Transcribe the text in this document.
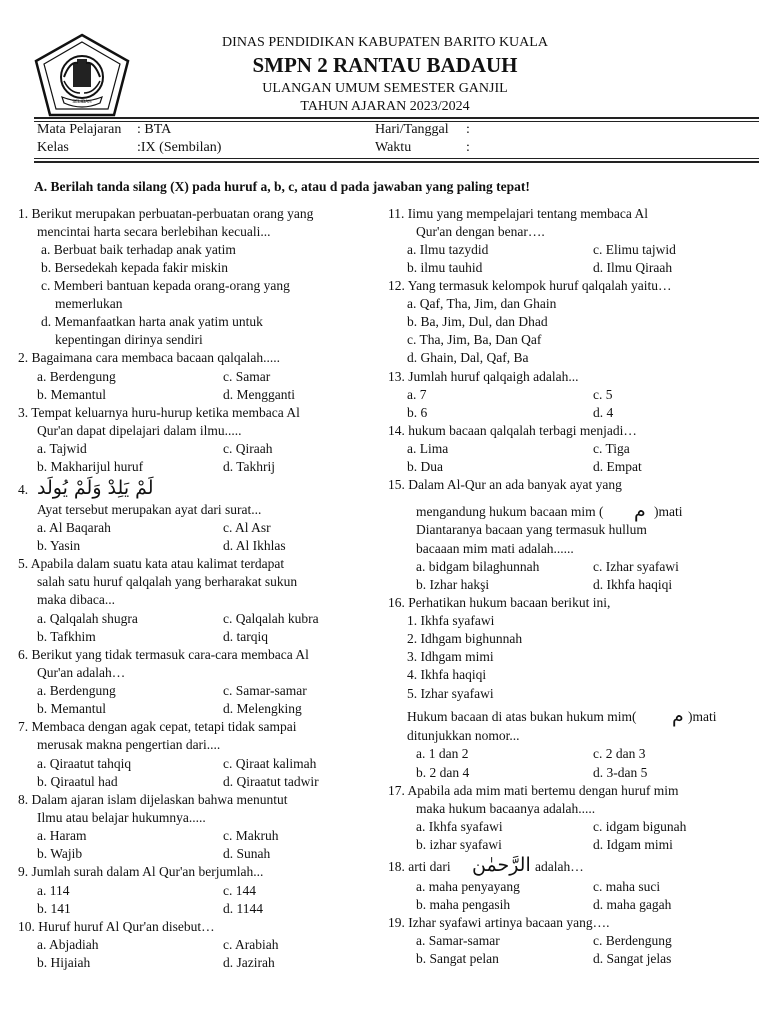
SELIDAH
DINAS PENDIDIKAN KABUPATEN BARITO KUALA
SMPN 2 RANTAU BADAUH
ULANGAN UMUM SEMESTER GANJIL
TAHUN AJARAN 2023/2024
Mata Pelajaran : BTA
Kelas	:IX (Sembilan)
Hari/Tanggal :
Waktu	:
A. Berilah tanda silang (X) pada huruf a, b, c, atau d pada jawaban yang paling tepat!
1. Berikut merupakan perbuatan-perbuatan orang yang
mencintai harta secara berlebihan kecuali...
a. Berbuat baik terhadap anak yatim
b. Bersedekah kepada fakir miskin
c. Memberi bantuan kepada orang-orang yang
memerlukan
d. Memanfaatkan harta anak yatim untuk
kepentingan dirinya sendiri
2. Bagaimana cara membaca bacaan qalqalah.....
a. Berdengung	c. Samar
b. Memantul	d. Mengganti
3. Tempat keluarnya huru-hurup ketika membaca Al
Qur'an dapat dipelajari dalam ilmu.....
a. Tajwid	c. Qiraah
b. Makharijul huruf	d. Takhrij
4. لَمْ يَلِدْ وَلَمْ يُولَد
Ayat tersebut merupakan ayat dari surat...
a. Al Baqarah	c. Al Asr
b. Yasin	d. Al Ikhlas
5. Apabila dalam suatu kata atau kalimat terdapat
salah satu huruf qalqalah yang berharakat sukun
maka dibaca...
a. Qalqalah shugra	c. Qalqalah kubra
b. Tafkhim	d. tarqiq
6. Berikut yang tidak termasuk cara-cara membaca Al
Qur'an adalah…
a. Berdengung	c. Samar-samar
b. Memantul	d. Melengking
7. Membaca dengan agak cepat, tetapi tidak sampai
merusak makna pengertian dari....
a. Qiraatut tahqiq	c. Qiraat kalimah
b. Qiraatul had	d. Qiraatut tadwir
8. Dalam ajaran islam dijelaskan bahwa menuntut
Ilmu atau belajar hukumnya.....
a. Haram	c. Makruh
b. Wajib	d. Sunah
9. Jumlah surah dalam Al Qur'an berjumlah...
a. 114	c. 144
b. 141	d. 1144
10. Huruf huruf Al Qur'an disebut…
a. Abjadiah	c. Arabiah
b. Hijaiah	d. Jazirah
11. Iimu yang mempelajari tentang membaca Al
Qur'an dengan benar….
a. Ilmu tazydid	c. Elimu tajwid
b. ilmu tauhid	d. Ilmu Qiraah
12. Yang termasuk kelompok huruf qalqalah yaitu…
a. Qaf, Tha, Jim, dan Ghain
b. Ba, Jim, Dul, dan Dhad
c. Tha, Jim, Ba, Dan Qaf
d. Ghain, Dal, Qaf, Ba
13. Jumlah huruf qalqaigh adalah...
a. 7	c. 5
b. 6	d. 4
14. hukum bacaan qalqalah terbagi menjadi…
a. Lima	c. Tiga
b. Dua	d. Empat
15. Dalam Al-Qur an ada banyak ayat yang
mengandung hukum bacaan mim ( م )mati
Diantaranya bacaan yang termasuk hullum
bacaaan mim mati adalah......
a. bidgam bilaghunnah	c. Izhar syafawi
b. Izhar hakşi	d. Ikhfa haqiqi
16. Perhatikan hukum bacaan berikut ini,
1. Ikhfa syafawi
2. Idhgam bighunnah
3. Idhgam mimi
4. Ikhfa haqiqi
5. Izhar syafawi
Hukum bacaan di atas bukan hukum mim( م )mati
ditunjukkan nomor...
a. 1 dan 2	c. 2 dan 3
b. 2 dan 4	d. 3-dan 5
17. Apabila ada mim mati bertemu dengan huruf mim
maka hukum bacaanya adalah.....
a. Ikhfa syafawi	c. idgam bigunah
b. izhar syafawi	d. Idgam mimi
18. arti dari الرَّحمٰن adalah…
a. maha penyayang	c. maha suci
b. maha pengasih	d. maha gagah
19. Izhar syafawi artinya bacaan yang….
a. Samar-samar	c. Berdengung
b. Sangat pelan	d. Sangat jelas
